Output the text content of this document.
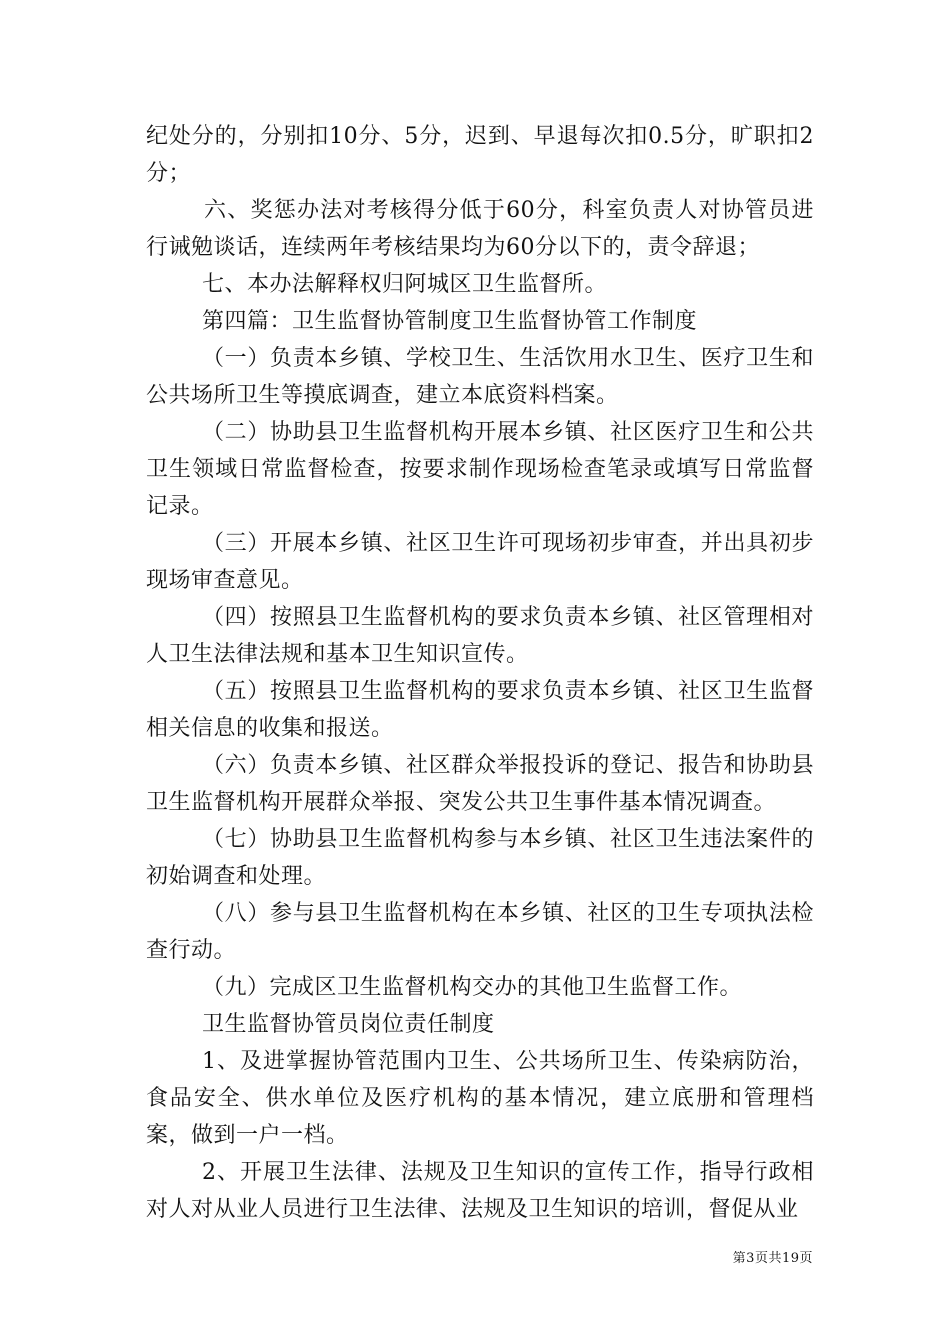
纪处分的，分别扣10分、5分，迟到、早退每次扣0.5分，旷职扣2分；

六、奖惩办法对考核得分低于60分，科室负责人对协管员进行诫勉谈话，连续两年考核结果均为60分以下的，责令辞退；

七、本办法解释权归阿城区卫生监督所。

第四篇：卫生监督协管制度卫生监督协管工作制度

（一）负责本乡镇、学校卫生、生活饮用水卫生、医疗卫生和公共场所卫生等摸底调查，建立本底资料档案。

（二）协助县卫生监督机构开展本乡镇、社区医疗卫生和公共卫生领域日常监督检查，按要求制作现场检查笔录或填写日常监督记录。

（三）开展本乡镇、社区卫生许可现场初步审查，并出具初步现场审查意见。

（四）按照县卫生监督机构的要求负责本乡镇、社区管理相对人卫生法律法规和基本卫生知识宣传。

（五）按照县卫生监督机构的要求负责本乡镇、社区卫生监督相关信息的收集和报送。

（六）负责本乡镇、社区群众举报投诉的登记、报告和协助县卫生监督机构开展群众举报、突发公共卫生事件基本情况调查。

（七）协助县卫生监督机构参与本乡镇、社区卫生违法案件的初始调查和处理。

（八）参与县卫生监督机构在本乡镇、社区的卫生专项执法检查行动。

（九）完成区卫生监督机构交办的其他卫生监督工作。

卫生监督协管员岗位责任制度

1、及进掌握协管范围内卫生、公共场所卫生、传染病防治，食品安全、供水单位及医疗机构的基本情况，建立底册和管理档案，做到一户一档。

2、开展卫生法律、法规及卫生知识的宣传工作，指导行政相对人对从业人员进行卫生法律、法规及卫生知识的培训，督促从业

第3页共19页
